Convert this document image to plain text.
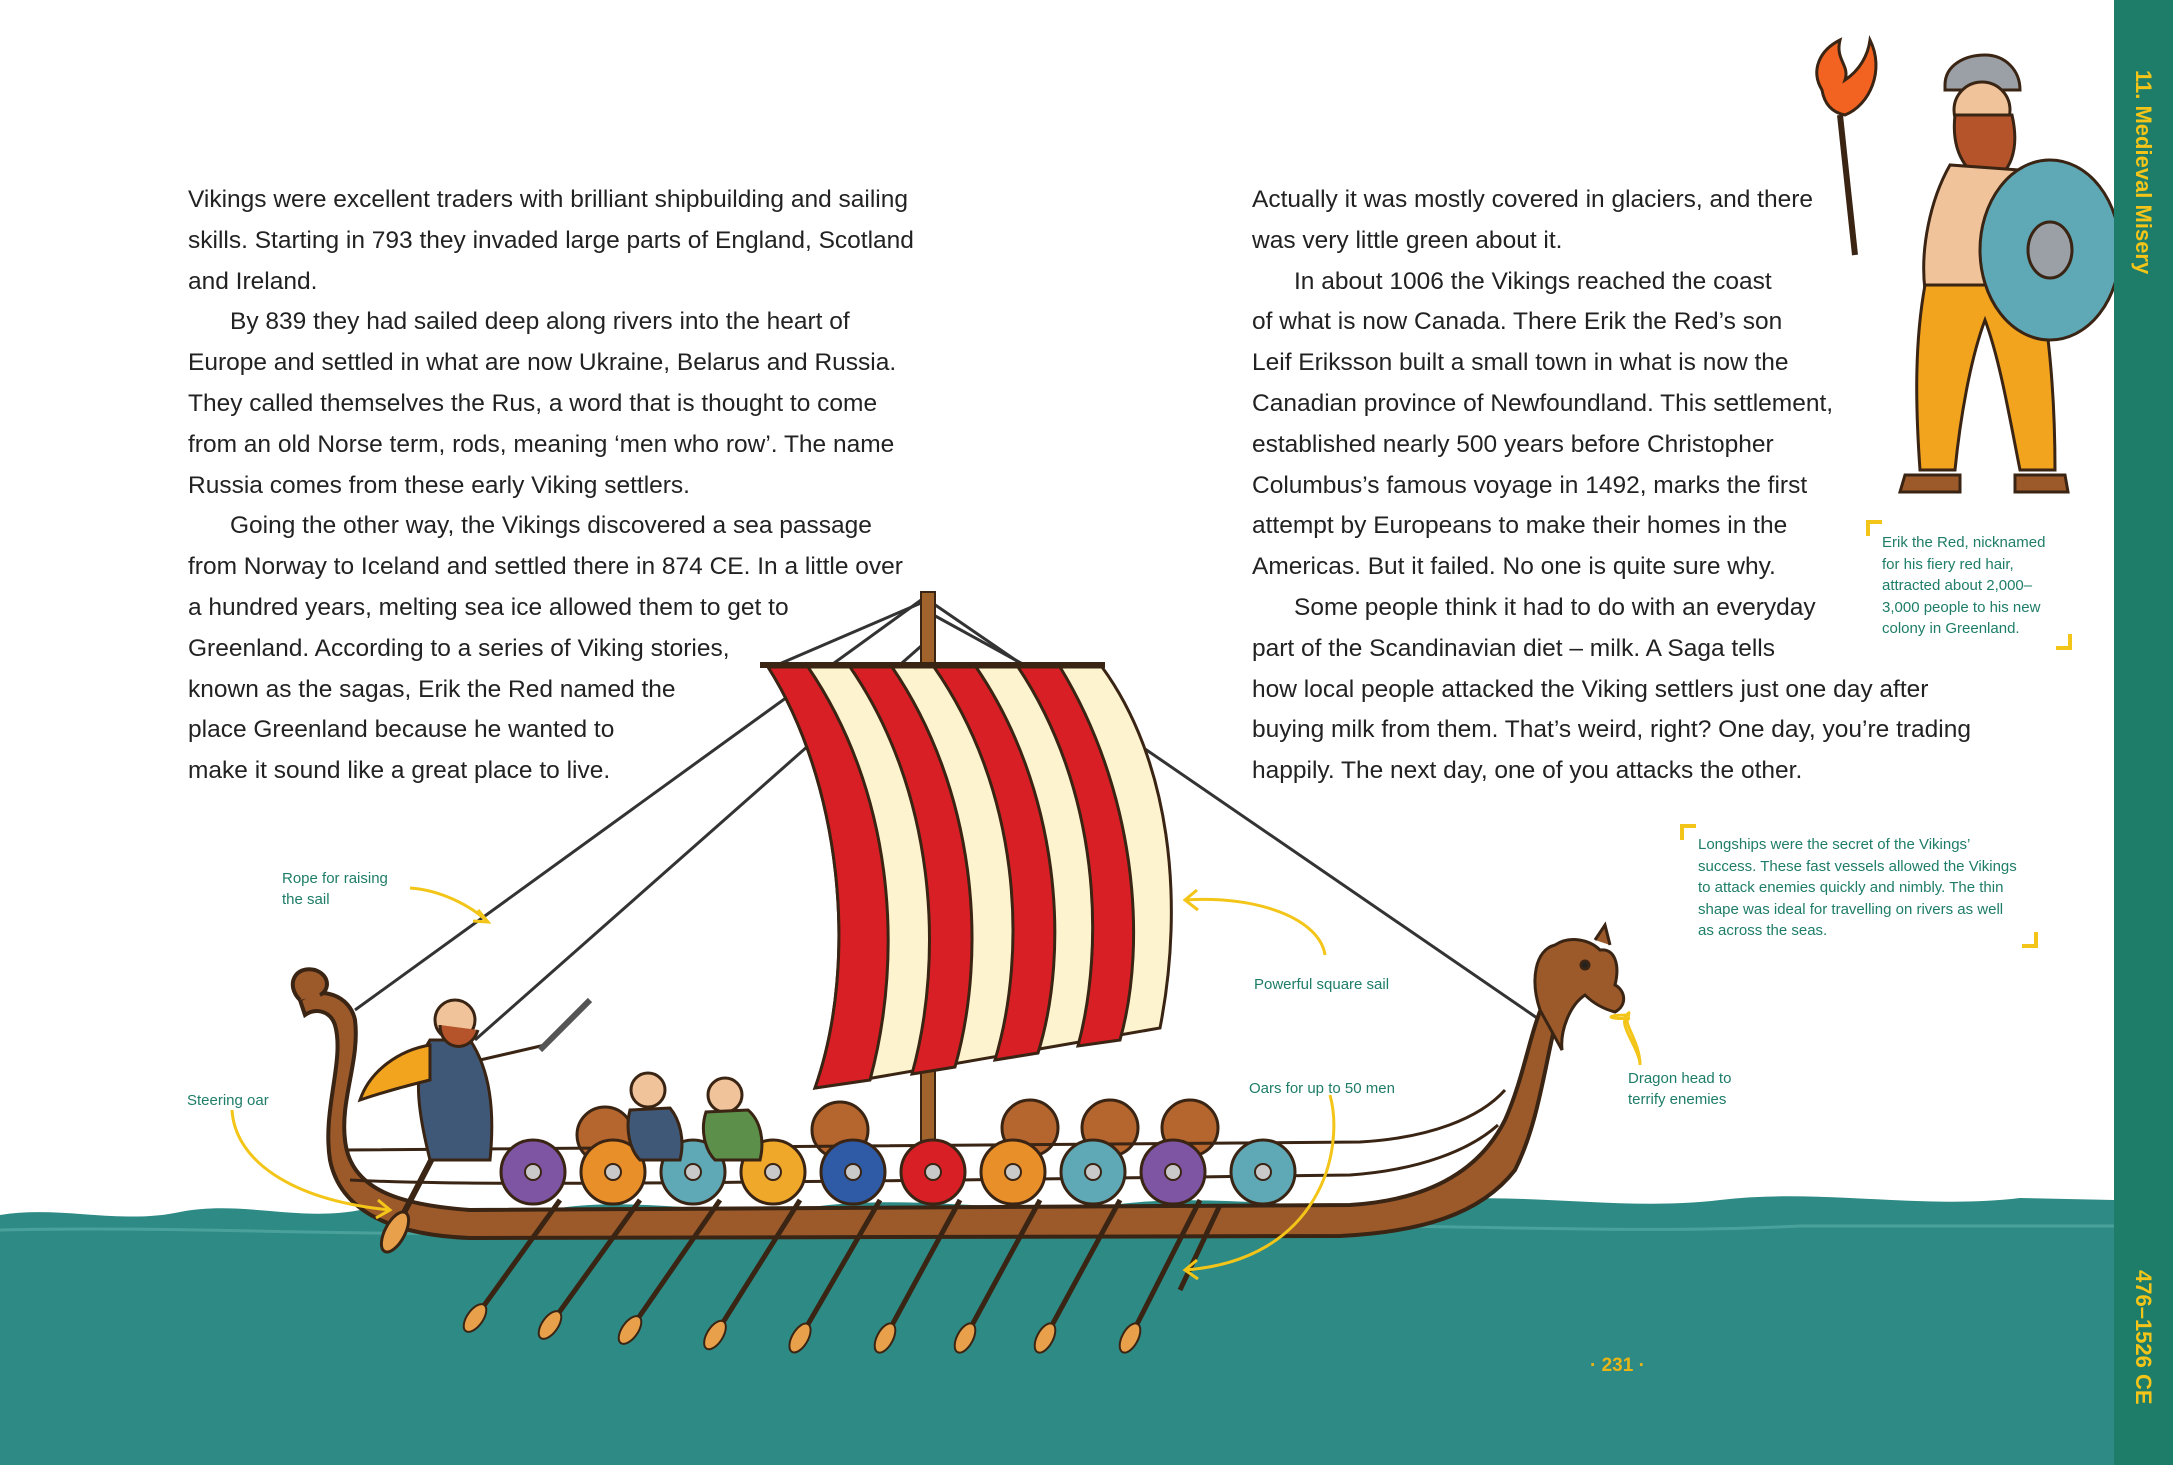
11. Medieval Misery
476–1526 CE

Vikings were excellent traders with brilliant shipbuilding and sailing

skills. Starting in 793 they invaded large parts of England, Scotland

and Ireland.

By 839 they had sailed deep along rivers into the heart of

Europe and settled in what are now Ukraine, Belarus and Russia.

They called themselves the Rus, a word that is thought to come

from an old Norse term, rods, meaning ‘men who row’. The name

Russia comes from these early Viking settlers.

Going the other way, the Vikings discovered a sea passage

from Norway to Iceland and settled there in 874 CE. In a little over

a hundred years, melting sea ice allowed them to get to

Greenland. According to a series of Viking stories,

known as the sagas, Erik the Red named the

place Greenland because he wanted to

make it sound like a great place to live.

Actually it was mostly covered in glaciers, and there

was very little green about it.

In about 1006 the Vikings reached the coast

of what is now Canada. There Erik the Red’s son

Leif Eriksson built a small town in what is now the

Canadian province of Newfoundland. This settlement,

established nearly 500 years before Christopher

Columbus’s famous voyage in 1492, marks the first

attempt by Europeans to make their homes in the

Americas. But it failed. No one is quite sure why.

Some people think it had to do with an everyday

part of the Scandinavian diet – milk. A Saga tells

how local people attacked the Viking settlers just one day after

buying milk from them. That’s weird, right? One day, you’re trading

happily. The next day, one of you attacks the other.

Erik the Red, nicknamed
for his fiery red hair,
attracted about 2,000–
3,000 people to his new
colony in Greenland.
Longships were the secret of the Vikings’
success. These fast vessels allowed the Vikings
to attack enemies quickly and nimbly. The thin
shape was ideal for travelling on rivers as well
as across the seas.
Rope for raising
the sail
Powerful square sail
Steering oar
Oars for up to 50 men
Dragon head to
terrify enemies
· 231 ·
